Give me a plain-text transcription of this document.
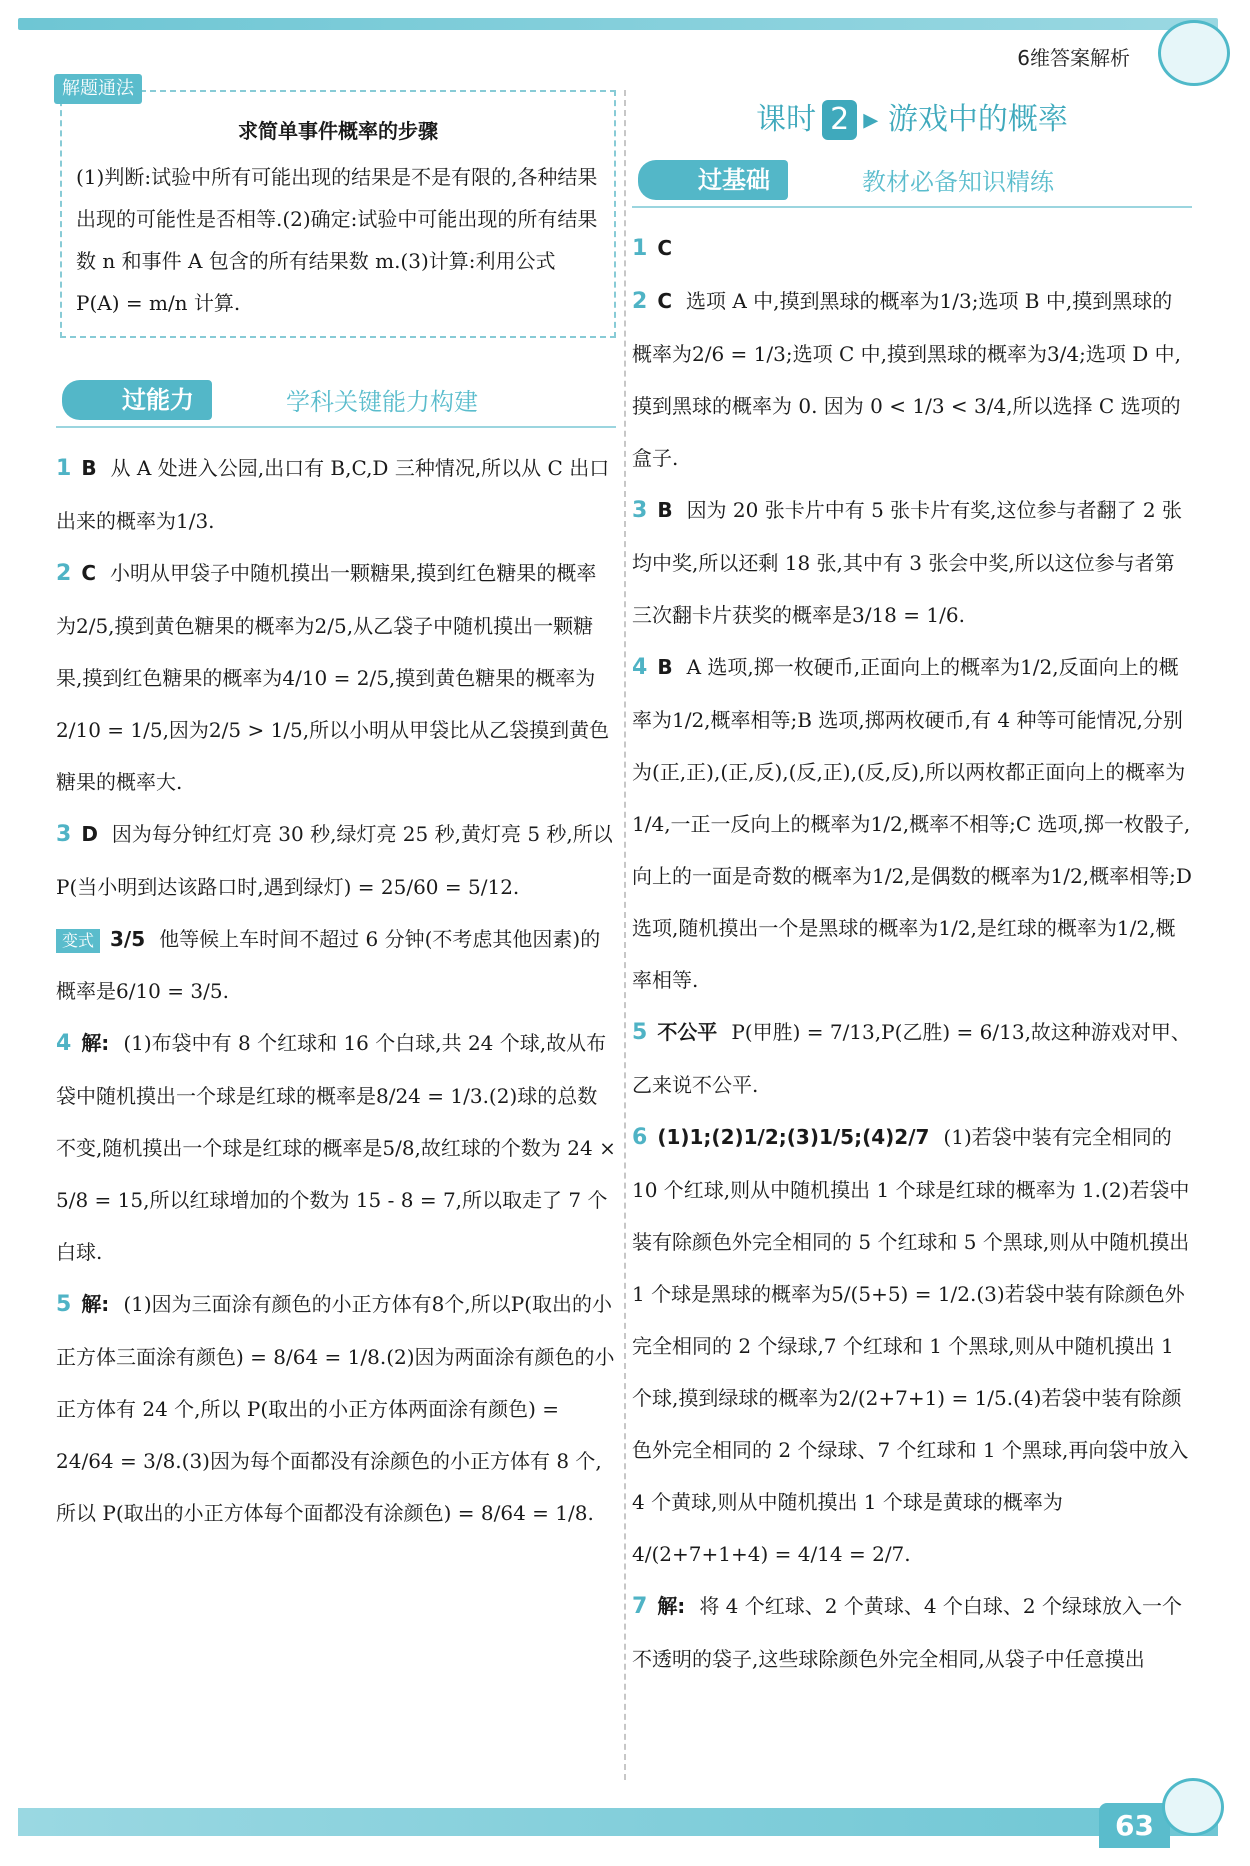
6维答案解析
解题通法
求简单事件概率的步骤
(1)判断:试验中所有可能出现的结果是不是有限的,各种结果出现的可能性是否相等.(2)确定:试验中可能出现的所有结果数 n 和事件 A 包含的所有结果数 m.(3)计算:利用公式 P(A) = m/n 计算.
过能力	学科关键能力构建

1 B 从 A 处进入公园,出口有 B,C,D 三种情况,所以从 C 出口出来的概率为1/3.

2 C 小明从甲袋子中随机摸出一颗糖果,摸到红色糖果的概率为2/5,摸到黄色糖果的概率为2/5,从乙袋子中随机摸出一颗糖果,摸到红色糖果的概率为4/10 = 2/5,摸到黄色糖果的概率为2/10 = 1/5,因为2/5 > 1/5,所以小明从甲袋比从乙袋摸到黄色糖果的概率大.

3 D 因为每分钟红灯亮 30 秒,绿灯亮 25 秒,黄灯亮 5 秒,所以 P(当小明到达该路口时,遇到绿灯) = 25/60 = 5/12.

变式 3/5 他等候上车时间不超过 6 分钟(不考虑其他因素)的概率是6/10 = 3/5.

4 解: (1)布袋中有 8 个红球和 16 个白球,共 24 个球,故从布袋中随机摸出一个球是红球的概率是8/24 = 1/3.(2)球的总数不变,随机摸出一个球是红球的概率是5/8,故红球的个数为 24 × 5/8 = 15,所以红球增加的个数为 15 - 8 = 7,所以取走了 7 个白球.

5 解: (1)因为三面涂有颜色的小正方体有8个,所以P(取出的小正方体三面涂有颜色) = 8/64 = 1/8.(2)因为两面涂有颜色的小正方体有 24 个,所以 P(取出的小正方体两面涂有颜色) = 24/64 = 3/8.(3)因为每个面都没有涂颜色的小正方体有 8 个,所以 P(取出的小正方体每个面都没有涂颜色) = 8/64 = 1/8.

课时 2 ▸ 游戏中的概率
过基础	教材必备知识精练

1 C

2 C 选项 A 中,摸到黑球的概率为1/3;选项 B 中,摸到黑球的概率为2/6 = 1/3;选项 C 中,摸到黑球的概率为3/4;选项 D 中,摸到黑球的概率为 0. 因为 0 < 1/3 < 3/4,所以选择 C 选项的盒子.

3 B 因为 20 张卡片中有 5 张卡片有奖,这位参与者翻了 2 张均中奖,所以还剩 18 张,其中有 3 张会中奖,所以这位参与者第三次翻卡片获奖的概率是3/18 = 1/6.

4 B A 选项,掷一枚硬币,正面向上的概率为1/2,反面向上的概率为1/2,概率相等;B 选项,掷两枚硬币,有 4 种等可能情况,分别为(正,正),(正,反),(反,正),(反,反),所以两枚都正面向上的概率为1/4,一正一反向上的概率为1/2,概率不相等;C 选项,掷一枚骰子,向上的一面是奇数的概率为1/2,是偶数的概率为1/2,概率相等;D 选项,随机摸出一个是黑球的概率为1/2,是红球的概率为1/2,概率相等.

5 不公平 P(甲胜) = 7/13,P(乙胜) = 6/13,故这种游戏对甲、乙来说不公平.

6 (1)1;(2)1/2;(3)1/5;(4)2/7 (1)若袋中装有完全相同的 10 个红球,则从中随机摸出 1 个球是红球的概率为 1.(2)若袋中装有除颜色外完全相同的 5 个红球和 5 个黑球,则从中随机摸出 1 个球是黑球的概率为5/(5+5) = 1/2.(3)若袋中装有除颜色外完全相同的 2 个绿球,7 个红球和 1 个黑球,则从中随机摸出 1 个球,摸到绿球的概率为2/(2+7+1) = 1/5.(4)若袋中装有除颜色外完全相同的 2 个绿球、7 个红球和 1 个黑球,再向袋中放入 4 个黄球,则从中随机摸出 1 个球是黄球的概率为4/(2+7+1+4) = 4/14 = 2/7.

7 解: 将 4 个红球、2 个黄球、4 个白球、2 个绿球放入一个不透明的袋子,这些球除颜色外完全相同,从袋子中任意摸出

63
